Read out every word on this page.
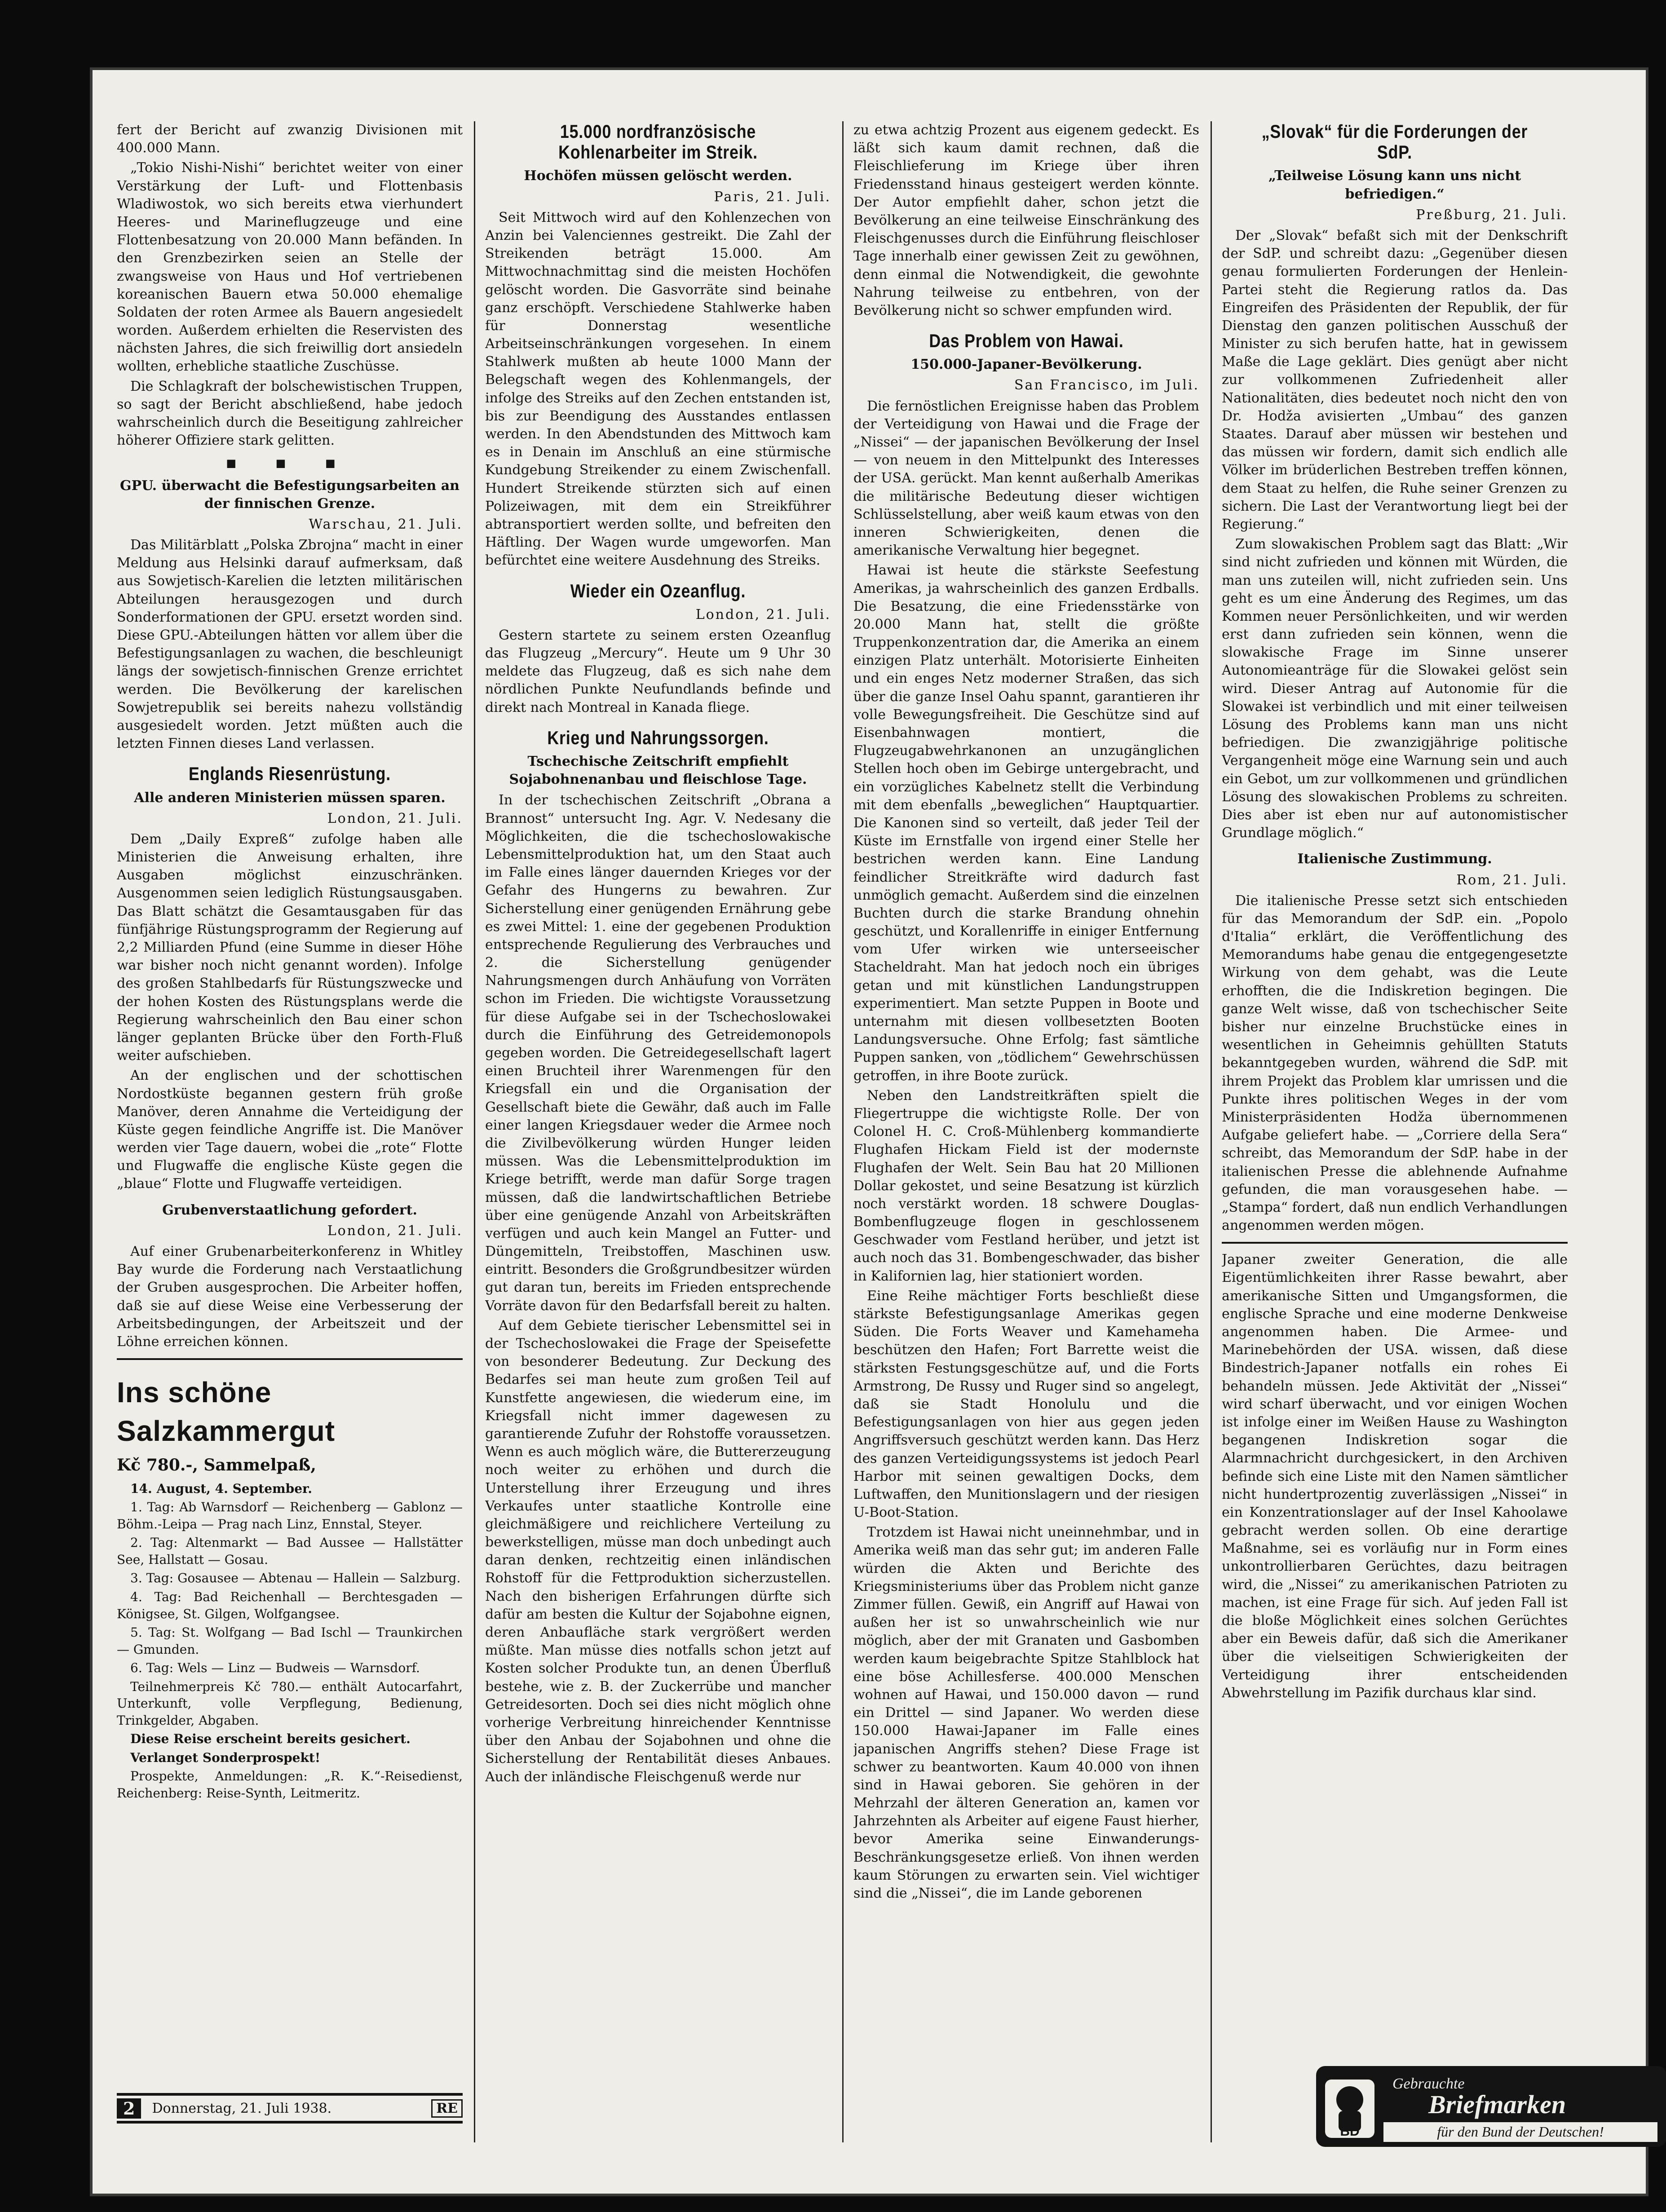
fert der Bericht auf zwanzig Divisionen mit 400.000 Mann.

„Tokio Nishi-Nishi“ berichtet weiter von einer Verstärkung der Luft- und Flottenbasis Wladiwostok, wo sich bereits etwa vierhundert Heeres- und Marineflugzeuge und eine Flottenbesatzung von 20.000 Mann befänden. In den Grenzbezirken seien an Stelle der zwangsweise von Haus und Hof vertriebenen koreanischen Bauern etwa 50.000 ehemalige Soldaten der roten Armee als Bauern angesiedelt worden. Außerdem erhielten die Reservisten des nächsten Jahres, die sich freiwillig dort ansiedeln wollten, erhebliche staatliche Zuschüsse.

Die Schlagkraft der bolschewistischen Truppen, so sagt der Bericht abschließend, habe jedoch wahrscheinlich durch die Beseitigung zahlreicher höherer Offiziere stark gelitten.

■ ■ ■
GPU. überwacht die Befestigungsarbeiten an der finnischen Grenze.
Warschau, 21. Juli.

Das Militärblatt „Polska Zbrojna“ macht in einer Meldung aus Helsinki darauf aufmerksam, daß aus Sowjetisch-Karelien die letzten militärischen Abteilungen herausgezogen und durch Sonderformationen der GPU. ersetzt worden sind. Diese GPU.-Abteilungen hätten vor allem über die Befestigungsanlagen zu wachen, die beschleunigt längs der sowjetisch-finnischen Grenze errichtet werden. Die Bevölkerung der karelischen Sowjetrepublik sei bereits nahezu vollständig ausgesiedelt worden. Jetzt müßten auch die letzten Finnen dieses Land verlassen.

Englands Riesenrüstung.
Alle anderen Ministerien müssen sparen.
London, 21. Juli.

Dem „Daily Expreß“ zufolge haben alle Ministerien die Anweisung erhalten, ihre Ausgaben möglichst einzuschränken. Ausgenommen seien lediglich Rüstungsausgaben. Das Blatt schätzt die Gesamtausgaben für das fünfjährige Rüstungsprogramm der Regierung auf 2,2 Milliarden Pfund (eine Summe in dieser Höhe war bisher noch nicht genannt worden). Infolge des großen Stahlbedarfs für Rüstungszwecke und der hohen Kosten des Rüstungsplans werde die Regierung wahrscheinlich den Bau einer schon länger geplanten Brücke über den Forth-Fluß weiter aufschieben.

An der englischen und der schottischen Nordostküste begannen gestern früh große Manöver, deren Annahme die Verteidigung der Küste gegen feindliche Angriffe ist. Die Manöver werden vier Tage dauern, wobei die „rote“ Flotte und Flugwaffe die englische Küste gegen die „blaue“ Flotte und Flugwaffe verteidigen.

Grubenverstaatlichung gefordert.
London, 21. Juli.

Auf einer Grubenarbeiterkonferenz in Whitley Bay wurde die Forderung nach Verstaatlichung der Gruben ausgesprochen. Die Arbeiter hoffen, daß sie auf diese Weise eine Verbesserung der Arbeitsbedingungen, der Arbeitszeit und der Löhne erreichen können.

Ins schöne Salzkammergut
Kč 780.-, Sammelpaß,

14. August, 4. September.

1. Tag: Ab Warnsdorf — Reichenberg — Gablonz — Böhm.-Leipa — Prag nach Linz, Ennstal, Steyer.

2. Tag: Altenmarkt — Bad Aussee — Hallstätter See, Hallstatt — Gosau.

3. Tag: Gosausee — Abtenau — Hallein — Salzburg.

4. Tag: Bad Reichenhall — Berchtesgaden — Königsee, St. Gilgen, Wolfgangsee.

5. Tag: St. Wolfgang — Bad Ischl — Traunkirchen — Gmunden.

6. Tag: Wels — Linz — Budweis — Warnsdorf.

Teilnehmerpreis Kč 780.— enthält Autocarfahrt, Unterkunft, volle Verpflegung, Bedienung, Trinkgelder, Abgaben.

Diese Reise erscheint bereits gesichert.

Verlanget Sonderprospekt!

Prospekte, Anmeldungen: „R. K.“-Reisedienst, Reichenberg: Reise-Synth, Leitmeritz.

2	Donnerstag, 21. Juli 1938.	RE
15.000 nordfranzösische Kohlenarbeiter im Streik.
Hochöfen müssen gelöscht werden.
Paris, 21. Juli.

Seit Mittwoch wird auf den Kohlenzechen von Anzin bei Valenciennes gestreikt. Die Zahl der Streikenden beträgt 15.000. Am Mittwochnachmittag sind die meisten Hochöfen gelöscht worden. Die Gasvorräte sind beinahe ganz erschöpft. Verschiedene Stahlwerke haben für Donnerstag wesentliche Arbeitseinschränkungen vorgesehen. In einem Stahlwerk mußten ab heute 1000 Mann der Belegschaft wegen des Kohlenmangels, der infolge des Streiks auf den Zechen entstanden ist, bis zur Beendigung des Ausstandes entlassen werden. In den Abendstunden des Mittwoch kam es in Denain im Anschluß an eine stürmische Kundgebung Streikender zu einem Zwischenfall. Hundert Streikende stürzten sich auf einen Polizeiwagen, mit dem ein Streikführer abtransportiert werden sollte, und befreiten den Häftling. Der Wagen wurde umgeworfen. Man befürchtet eine weitere Ausdehnung des Streiks.

Wieder ein Ozeanflug.
London, 21. Juli.

Gestern startete zu seinem ersten Ozeanflug das Flugzeug „Mercury“. Heute um 9 Uhr 30 meldete das Flugzeug, daß es sich nahe dem nördlichen Punkte Neufundlands befinde und direkt nach Montreal in Kanada fliege.

Krieg und Nahrungssorgen.
Tschechische Zeitschrift empfiehlt Sojabohnenanbau und fleischlose Tage.

In der tschechischen Zeitschrift „Obrana a Brannost“ untersucht Ing. Agr. V. Nedesany die Möglichkeiten, die die tschechoslowakische Lebensmittelproduktion hat, um den Staat auch im Falle eines länger dauernden Krieges vor der Gefahr des Hungerns zu bewahren. Zur Sicherstellung einer genügenden Ernährung gebe es zwei Mittel: 1. eine der gegebenen Produktion entsprechende Regulierung des Verbrauches und 2. die Sicherstellung genügender Nahrungsmengen durch Anhäufung von Vorräten schon im Frieden. Die wichtigste Voraussetzung für diese Aufgabe sei in der Tschechoslowakei durch die Einführung des Getreidemonopols gegeben worden. Die Getreidegesellschaft lagert einen Bruchteil ihrer Warenmengen für den Kriegsfall ein und die Organisation der Gesellschaft biete die Gewähr, daß auch im Falle einer langen Kriegsdauer weder die Armee noch die Zivilbevölkerung würden Hunger leiden müssen. Was die Lebensmittelproduktion im Kriege betrifft, werde man dafür Sorge tragen müssen, daß die landwirtschaftlichen Betriebe über eine genügende Anzahl von Arbeitskräften verfügen und auch kein Mangel an Futter- und Düngemitteln, Treibstoffen, Maschinen usw. eintritt. Besonders die Großgrundbesitzer würden gut daran tun, bereits im Frieden entsprechende Vorräte davon für den Bedarfsfall bereit zu halten.

Auf dem Gebiete tierischer Lebensmittel sei in der Tschechoslowakei die Frage der Speisefette von besonderer Bedeutung. Zur Deckung des Bedarfes sei man heute zum großen Teil auf Kunstfette angewiesen, die wiederum eine, im Kriegsfall nicht immer dagewesen zu garantierende Zufuhr der Rohstoffe voraussetzen. Wenn es auch möglich wäre, die Buttererzeugung noch weiter zu erhöhen und durch die Unterstellung ihrer Erzeugung und ihres Verkaufes unter staatliche Kontrolle eine gleichmäßigere und reichlichere Verteilung zu bewerkstelligen, müsse man doch unbedingt auch daran denken, rechtzeitig einen inländischen Rohstoff für die Fettproduktion sicherzustellen. Nach den bisherigen Erfahrungen dürfte sich dafür am besten die Kultur der Sojabohne eignen, deren Anbaufläche stark vergrößert werden müßte. Man müsse dies notfalls schon jetzt auf Kosten solcher Produkte tun, an denen Überfluß bestehe, wie z. B. der Zuckerrübe und mancher Getreidesorten. Doch sei dies nicht möglich ohne vorherige Verbreitung hinreichender Kenntnisse über den Anbau der Sojabohnen und ohne die Sicherstellung der Rentabilität dieses Anbaues. Auch der inländische Fleischgenuß werde nur

zu etwa achtzig Prozent aus eigenem gedeckt. Es läßt sich kaum damit rechnen, daß die Fleischlieferung im Kriege über ihren Friedensstand hinaus gesteigert werden könnte. Der Autor empfiehlt daher, schon jetzt die Bevölkerung an eine teilweise Einschränkung des Fleischgenusses durch die Einführung fleischloser Tage innerhalb einer gewissen Zeit zu gewöhnen, denn einmal die Notwendigkeit, die gewohnte Nahrung teilweise zu entbehren, von der Bevölkerung nicht so schwer empfunden wird.

Das Problem von Hawai.
150.000-Japaner-Bevölkerung.
San Francisco, im Juli.

Die fernöstlichen Ereignisse haben das Problem der Verteidigung von Hawai und die Frage der „Nissei“ — der japanischen Bevölkerung der Insel — von neuem in den Mittelpunkt des Interesses der USA. gerückt. Man kennt außerhalb Amerikas die militärische Bedeutung dieser wichtigen Schlüsselstellung, aber weiß kaum etwas von den inneren Schwierigkeiten, denen die amerikanische Verwaltung hier begegnet.

Hawai ist heute die stärkste Seefestung Amerikas, ja wahrscheinlich des ganzen Erdballs. Die Besatzung, die eine Friedensstärke von 20.000 Mann hat, stellt die größte Truppenkonzentration dar, die Amerika an einem einzigen Platz unterhält. Motorisierte Einheiten und ein enges Netz moderner Straßen, das sich über die ganze Insel Oahu spannt, garantieren ihr volle Bewegungsfreiheit. Die Geschütze sind auf Eisenbahnwagen montiert, die Flugzeugabwehrkanonen an unzugänglichen Stellen hoch oben im Gebirge untergebracht, und ein vorzügliches Kabelnetz stellt die Verbindung mit dem ebenfalls „beweglichen“ Hauptquartier. Die Kanonen sind so verteilt, daß jeder Teil der Küste im Ernstfalle von irgend einer Stelle her bestrichen werden kann. Eine Landung feindlicher Streitkräfte wird dadurch fast unmöglich gemacht. Außerdem sind die einzelnen Buchten durch die starke Brandung ohnehin geschützt, und Korallenriffe in einiger Entfernung vom Ufer wirken wie unterseeischer Stacheldraht. Man hat jedoch noch ein übriges getan und mit künstlichen Landungstruppen experimentiert. Man setzte Puppen in Boote und unternahm mit diesen vollbesetzten Booten Landungsversuche. Ohne Erfolg; fast sämtliche Puppen sanken, von „tödlichem“ Gewehrschüssen getroffen, in ihre Boote zurück.

Neben den Landstreitkräften spielt die Fliegertruppe die wichtigste Rolle. Der von Colonel H. C. Croß-Mühlenberg kommandierte Flughafen Hickam Field ist der modernste Flughafen der Welt. Sein Bau hat 20 Millionen Dollar gekostet, und seine Besatzung ist kürzlich noch verstärkt worden. 18 schwere Douglas-Bombenflugzeuge flogen in geschlossenem Geschwader vom Festland herüber, und jetzt ist auch noch das 31. Bombengeschwader, das bisher in Kalifornien lag, hier stationiert worden.

Eine Reihe mächtiger Forts beschließt diese stärkste Befestigungsanlage Amerikas gegen Süden. Die Forts Weaver und Kamehameha beschützen den Hafen; Fort Barrette weist die stärksten Festungsgeschütze auf, und die Forts Armstrong, De Russy und Ruger sind so angelegt, daß sie Stadt Honolulu und die Befestigungsanlagen von hier aus gegen jeden Angriffsversuch geschützt werden kann. Das Herz des ganzen Verteidigungssystems ist jedoch Pearl Harbor mit seinen gewaltigen Docks, dem Luftwaffen, den Munitionslagern und der riesigen U-Boot-Station.

Trotzdem ist Hawai nicht uneinnehmbar, und in Amerika weiß man das sehr gut; im anderen Falle würden die Akten und Berichte des Kriegsministeriums über das Problem nicht ganze Zimmer füllen. Gewiß, ein Angriff auf Hawai von außen her ist so unwahrscheinlich wie nur möglich, aber der mit Granaten und Gasbomben werden kaum beigebrachte Spitze Stahlblock hat eine böse Achillesferse. 400.000 Menschen wohnen auf Hawai, und 150.000 davon — rund ein Drittel — sind Japaner. Wo werden diese 150.000 Hawai-Japaner im Falle eines japanischen Angriffs stehen? Diese Frage ist schwer zu beantworten. Kaum 40.000 von ihnen sind in Hawai geboren. Sie gehören in der Mehrzahl der älteren Generation an, kamen vor Jahrzehnten als Arbeiter auf eigene Faust hierher, bevor Amerika seine Einwanderungs-Beschränkungsgesetze erließ. Von ihnen werden kaum Störungen zu erwarten sein. Viel wichtiger sind die „Nissei“, die im Lande geborenen

„Slovak“ für die Forderungen der SdP.
„Teilweise Lösung kann uns nicht befriedigen.“
Preßburg, 21. Juli.

Der „Slovak“ befaßt sich mit der Denkschrift der SdP. und schreibt dazu: „Gegenüber diesen genau formulierten Forderungen der Henlein-Partei steht die Regierung ratlos da. Das Eingreifen des Präsidenten der Republik, der für Dienstag den ganzen politischen Ausschuß der Minister zu sich berufen hatte, hat in gewissem Maße die Lage geklärt. Dies genügt aber nicht zur vollkommenen Zufriedenheit aller Nationalitäten, dies bedeutet noch nicht den von Dr. Hodža avisierten „Umbau“ des ganzen Staates. Darauf aber müssen wir bestehen und das müssen wir fordern, damit sich endlich alle Völker im brüderlichen Bestreben treffen können, dem Staat zu helfen, die Ruhe seiner Grenzen zu sichern. Die Last der Verantwortung liegt bei der Regierung.“

Zum slowakischen Problem sagt das Blatt: „Wir sind nicht zufrieden und können mit Würden, die man uns zuteilen will, nicht zufrieden sein. Uns geht es um eine Änderung des Regimes, um das Kommen neuer Persönlichkeiten, und wir werden erst dann zufrieden sein können, wenn die slowakische Frage im Sinne unserer Autonomieanträge für die Slowakei gelöst sein wird. Dieser Antrag auf Autonomie für die Slowakei ist verbindlich und mit einer teilweisen Lösung des Problems kann man uns nicht befriedigen. Die zwanzigjährige politische Vergangenheit möge eine Warnung sein und auch ein Gebot, um zur vollkommenen und gründlichen Lösung des slowakischen Problems zu schreiten. Dies aber ist eben nur auf autonomistischer Grundlage möglich.“

Italienische Zustimmung.
Rom, 21. Juli.

Die italienische Presse setzt sich entschieden für das Memorandum der SdP. ein. „Popolo d'Italia“ erklärt, die Veröffentlichung des Memorandums habe genau die entgegengesetzte Wirkung von dem gehabt, was die Leute erhofften, die die Indiskretion begingen. Die ganze Welt wisse, daß von tschechischer Seite bisher nur einzelne Bruchstücke eines in wesentlichen in Geheimnis gehüllten Statuts bekanntgegeben wurden, während die SdP. mit ihrem Projekt das Problem klar umrissen und die Punkte ihres politischen Weges in der vom Ministerpräsidenten Hodža übernommenen Aufgabe geliefert habe. — „Corriere della Sera“ schreibt, das Memorandum der SdP. habe in der italienischen Presse die ablehnende Aufnahme gefunden, die man vorausgesehen habe. — „Stampa“ fordert, daß nun endlich Verhandlungen angenommen werden mögen.

Japaner zweiter Generation, die alle Eigentümlichkeiten ihrer Rasse bewahrt, aber amerikanische Sitten und Umgangsformen, die englische Sprache und eine moderne Denkweise angenommen haben. Die Armee- und Marinebehörden der USA. wissen, daß diese Bindestrich-Japaner notfalls ein rohes Ei behandeln müssen. Jede Aktivität der „Nissei“ wird scharf überwacht, und vor einigen Wochen ist infolge einer im Weißen Hause zu Washington begangenen Indiskretion sogar die Alarmnachricht durchgesickert, in den Archiven befinde sich eine Liste mit den Namen sämtlicher nicht hundertprozentig zuverlässigen „Nissei“ in ein Konzentrationslager auf der Insel Kahoolawe gebracht werden sollen. Ob eine derartige Maßnahme, sei es vorläufig nur in Form eines unkontrollierbaren Gerüchtes, dazu beitragen wird, die „Nissei“ zu amerikanischen Patrioten zu machen, ist eine Frage für sich. Auf jeden Fall ist die bloße Möglichkeit eines solchen Gerüchtes aber ein Beweis dafür, daß sich die Amerikaner über die vielseitigen Schwierigkeiten der Verteidigung ihrer entscheidenden Abwehrstellung im Pazifik durchaus klar sind.

BD
Gebrauchte
Briefmarken
für den Bund der Deutschen!
